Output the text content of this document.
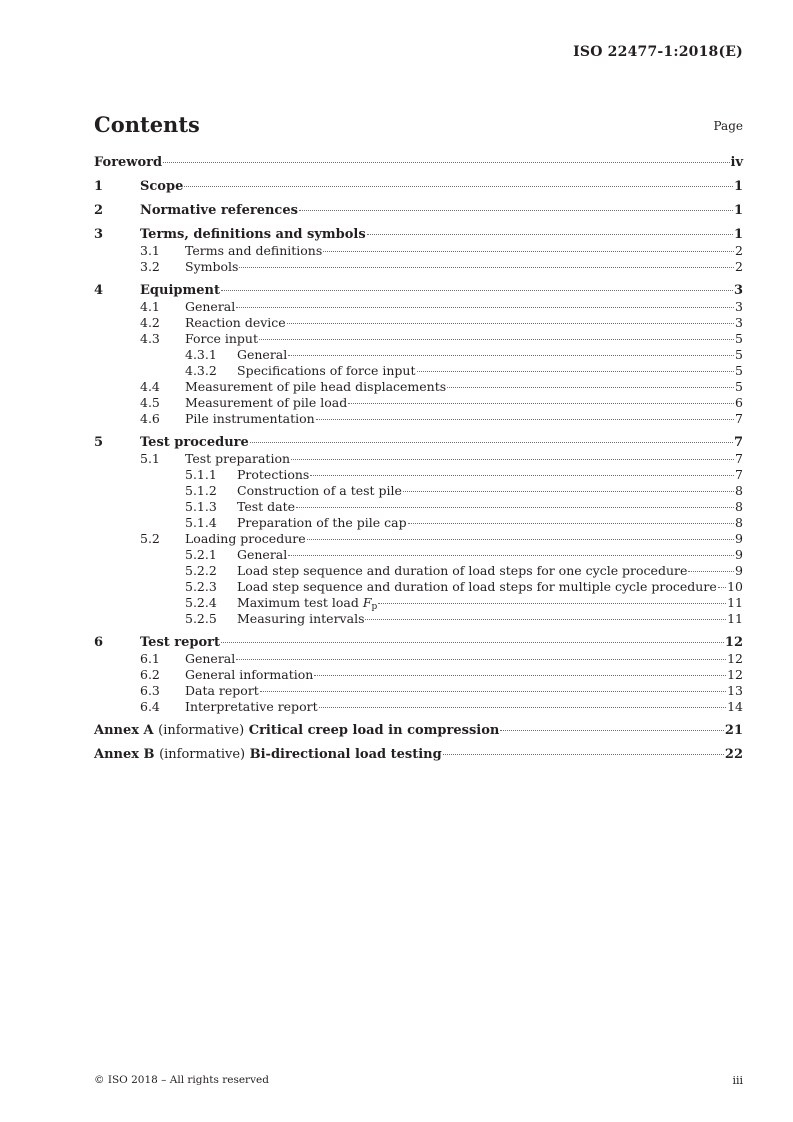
ISO 22477-1:2018(E)
Contents	Page
Foreword	iv
1	Scope	1
2	Normative references	1
3	Terms, definitions and symbols	1
3.1	Terms and definitions	2
3.2	Symbols	2
4	Equipment	3
4.1	General	3
4.2	Reaction device	3
4.3	Force input	5
4.3.1	General	5
4.3.2	Specifications of force input	5
4.4	Measurement of pile head displacements	5
4.5	Measurement of pile load	6
4.6	Pile instrumentation	7
5	Test procedure	7
5.1	Test preparation	7
5.1.1	Protections	7
5.1.2	Construction of a test pile	8
5.1.3	Test date	8
5.1.4	Preparation of the pile cap	8
5.2	Loading procedure	9
5.2.1	General	9
5.2.2	Load step sequence and duration of load steps for one cycle procedure	9
5.2.3	Load step sequence and duration of load steps for multiple cycle procedure 10
5.2.4	Maximum test load Fp	11
5.2.5	Measuring intervals	11
6	Test report	12
6.1	General	12
6.2	General information	12
6.3	Data report	13
6.4	Interpretative report	14
Annex A (informative) Critical creep load in compression	21
Annex B (informative) Bi-directional load testing	22
© ISO 2018 – All rights reserved	iii
